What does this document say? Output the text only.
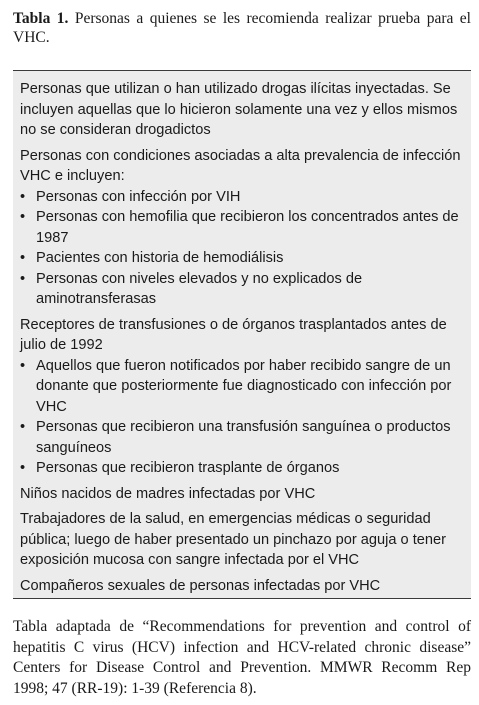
Tabla 1. Personas a quienes se les recomienda realizar prueba para el VHC.
Personas que utilizan o han utilizado drogas ilícitas inyectadas. Se incluyen aquellas que lo hicieron solamente una vez y ellos mismos no se consideran drogadictos
Personas con condiciones asociadas a alta prevalencia de infección VHC e incluyen:
• Personas con infección por VIH
• Personas con hemofilia que recibieron los concentrados antes de 1987
• Pacientes con historia de hemodiálisis
• Personas con niveles elevados y no explicados de aminotransferasas
Receptores de transfusiones o de órganos trasplantados antes de julio de 1992
• Aquellos que fueron notificados por haber recibido sangre de un donante que posteriormente fue diagnosticado con infección por VHC
• Personas que recibieron una transfusión sanguínea o productos sanguíneos
• Personas que recibieron trasplante de órganos
Niños nacidos de madres infectadas por VHC
Trabajadores de la salud, en emergencias médicas o seguridad pública; luego de haber presentado un pinchazo por aguja o tener exposición mucosa con sangre infectada por el VHC
Compañeros sexuales de personas infectadas por VHC
Tabla adaptada de “Recommendations for prevention and control of hepatitis C virus (HCV) infection and HCV-related chronic disease” Centers for Disease Control and Prevention. MMWR Recomm Rep 1998; 47 (RR-19): 1-39 (Referencia 8).
